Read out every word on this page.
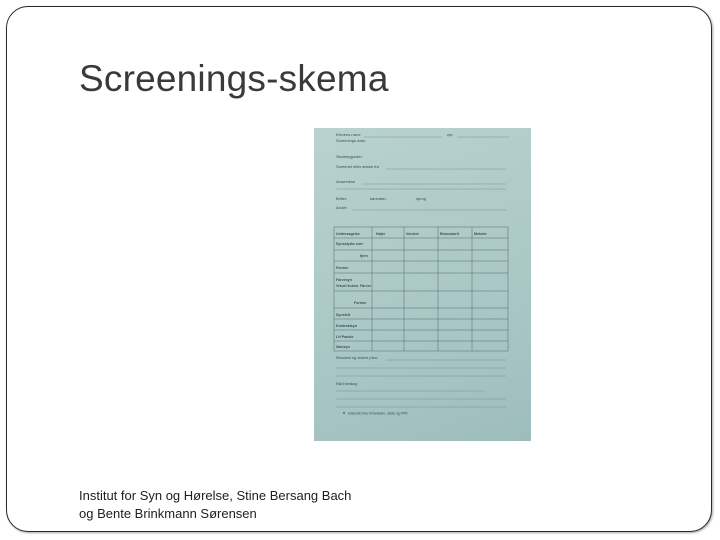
Screenings-skema
Elevens navn:
Screenings dato:
cpr.
Skoletegjorder:
Screenet efter ønske fra
Anamnese
Briller:	kørestøn	sprog
Andet:
Undersøgelse	Højre	Venstre	Binocularit	Metode
Synsstyrke nær
fjern
Former
Farvesyn
Visuel kokon. Farver
Former
Synsfelt
Kontrastsyn
LH Pausle
Samsyn
Resultat og videre plan:
Rød forslag:
Udsendt brev til forældre, skole og PPR
Institut for Syn og Hørelse, Stine Bersang Bach
og Bente Brinkmann Sørensen
